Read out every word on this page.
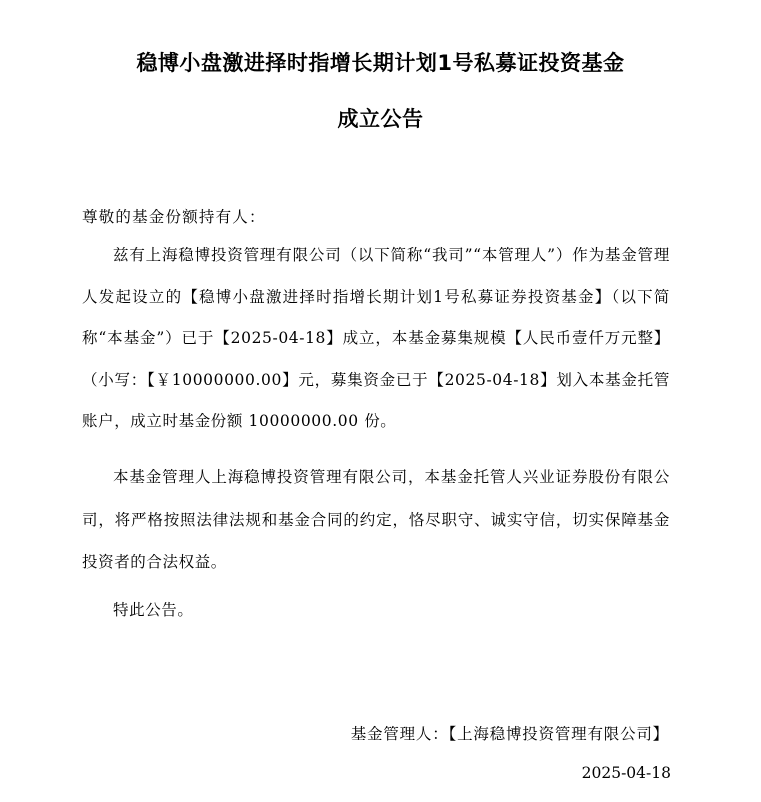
稳博小盘激进择时指增长期计划1号私募证投资基金
成立公告
尊敬的基金份额持有人：
兹有上海稳博投资管理有限公司（以下简称“我司”“本管理人”）作为基金管理人发起设立的【稳博小盘激进择时指增长期计划1号私募证券投资基金】（以下简称“本基金”）已于【2025-04-18】成立，本基金募集规模【人民币壹仟万元整】（小写：【￥10000000.00】元，募集资金已于【2025-04-18】划入本基金托管账户，成立时基金份额 10000000.00 份。
本基金管理人上海稳博投资管理有限公司，本基金托管人兴业证券股份有限公司，将严格按照法律法规和基金合同的约定，恪尽职守、诚实守信，切实保障基金投资者的合法权益。
特此公告。
基金管理人：【上海稳博投资管理有限公司】
2025-04-18
